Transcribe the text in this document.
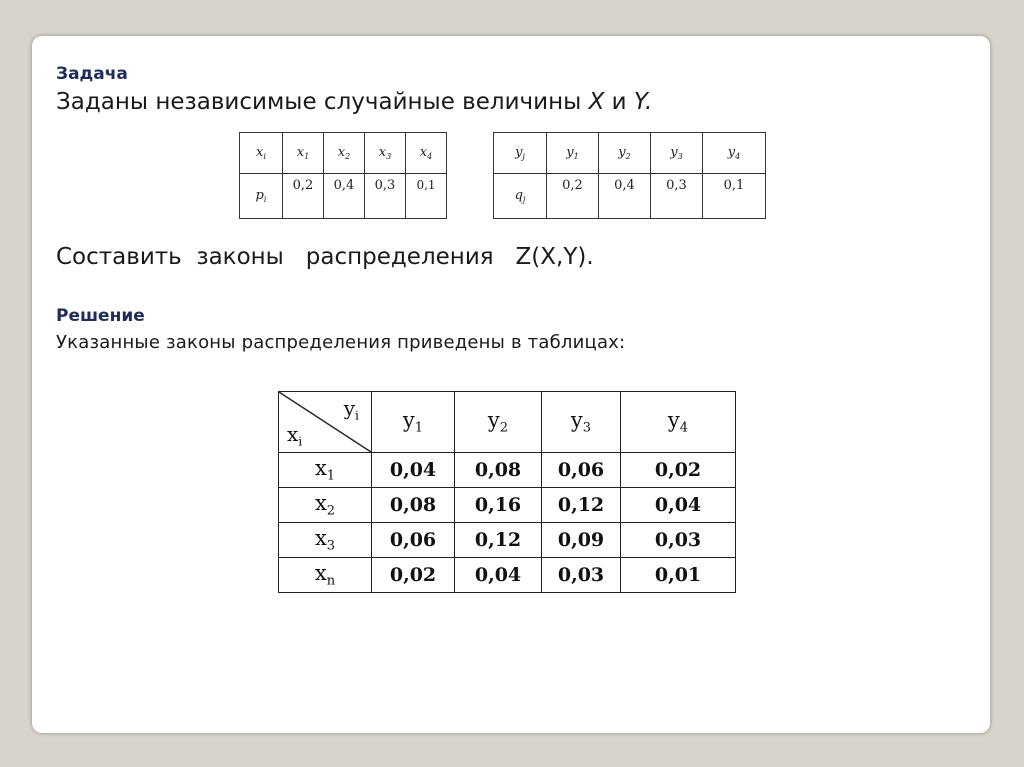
Задача
Заданы независимые случайные величины X и Y.
$x_i$	$x_1$	$x_2$	$x_3$	$x_4$
$p_i$	0,2	0,4	0,3	0,1
$y_j$	$y_1$	$y_2$	$y_3$	$y_4$
$q_j$	0,2	0,4	0,3	0,1
Составить  законы   распределения   Z(X,Y).
Решение
Указанные законы распределения приведены в таблицах:
$y_i$
$x_i$	$y_1$	$y_2$	$y_3$	$y_4$
$x_1$	0,04	0,08	0,06	0,02
$x_2$	0,08	0,16	0,12	0,04
$x_3$	0,06	0,12	0,09	0,03
$x_n$	0,02	0,04	0,03	0,01
